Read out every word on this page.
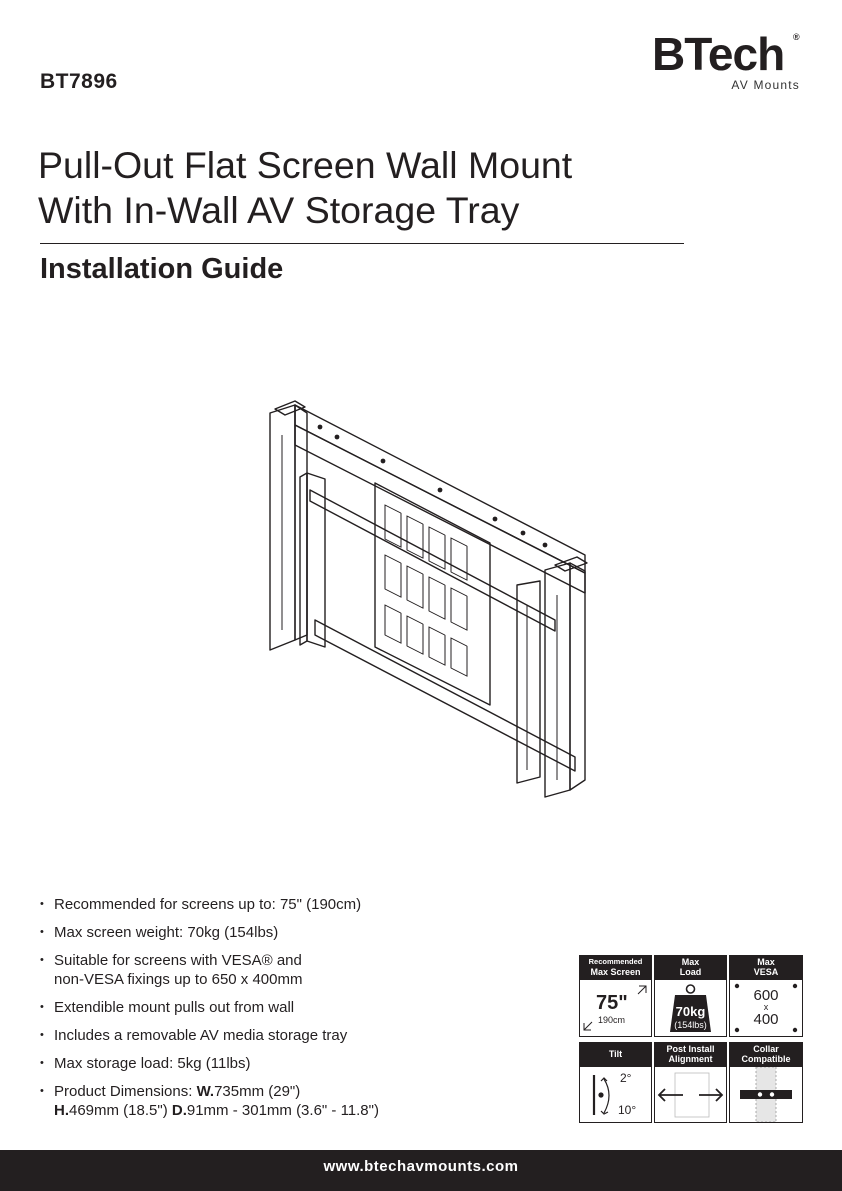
BT7896
BTech ®
AV Mounts
Pull-Out Flat Screen Wall Mount
With In-Wall AV Storage Tray
Installation Guide
• Recommended for screens up to: 75" (190cm)
• Max screen weight: 70kg (154lbs)
• Suitable for screens with VESA® and
non-VESA fixings up to 650 x 400mm
• Extendible mount pulls out from wall
• Includes a removable AV media storage tray
• Max storage load: 5kg (11lbs)
• Product Dimensions: W.735mm (29")
H.469mm (18.5") D.91mm - 301mm (3.6" - 11.8")
Recommended
Max Screen
Max
Load
Max
VESA
75"
190cm
70kg
(154lbs)
600
x
400
Tilt	Post Install
Alignment
Collar
Compatible
2°
10°
www.btechavmounts.com
